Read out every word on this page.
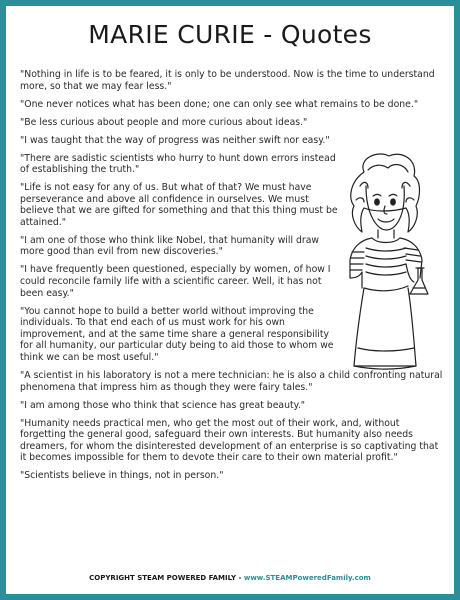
MARIE CURIE - Quotes
"Nothing in life is to be feared, it is only to be understood. Now is the time to understand more, so that we may fear less."
"One never notices what has been done; one can only see what remains to be done."
"Be less curious about people and more curious about ideas."
"I was taught that the way of progress was neither swift nor easy."
"There are sadistic scientists who hurry to hunt down errors instead of establishing the truth."
"Life is not easy for any of us. But what of that? We must have perseverance and above all confidence in ourselves. We must believe that we are gifted for something and that this thing must be attained."
"I am one of those who think like Nobel, that humanity will draw more good than evil from new discoveries."
"I have frequently been questioned, especially by women, of how I could reconcile family life with a scientific career. Well, it has not been easy."
"You cannot hope to build a better world without improving the individuals. To that end each of us must work for his own improvement, and at the same time share a general responsibility for all humanity, our particular duty being to aid those to whom we think we can be most useful."
"A scientist in his laboratory is not a mere technician: he is also a child confronting natural phenomena that impress him as though they were fairy tales."
"I am among those who think that science has great beauty."
"Humanity needs practical men, who get the most out of their work, and, without forgetting the general good, safeguard their own interests. But humanity also needs dreamers, for whom the disinterested development of an enterprise is so captivating that it becomes impossible for them to devote their care to their own material profit."
"Scientists believe in things, not in person."
COPYRIGHT STEAM POWERED FAMILY - www.STEAMPoweredFamily.com
